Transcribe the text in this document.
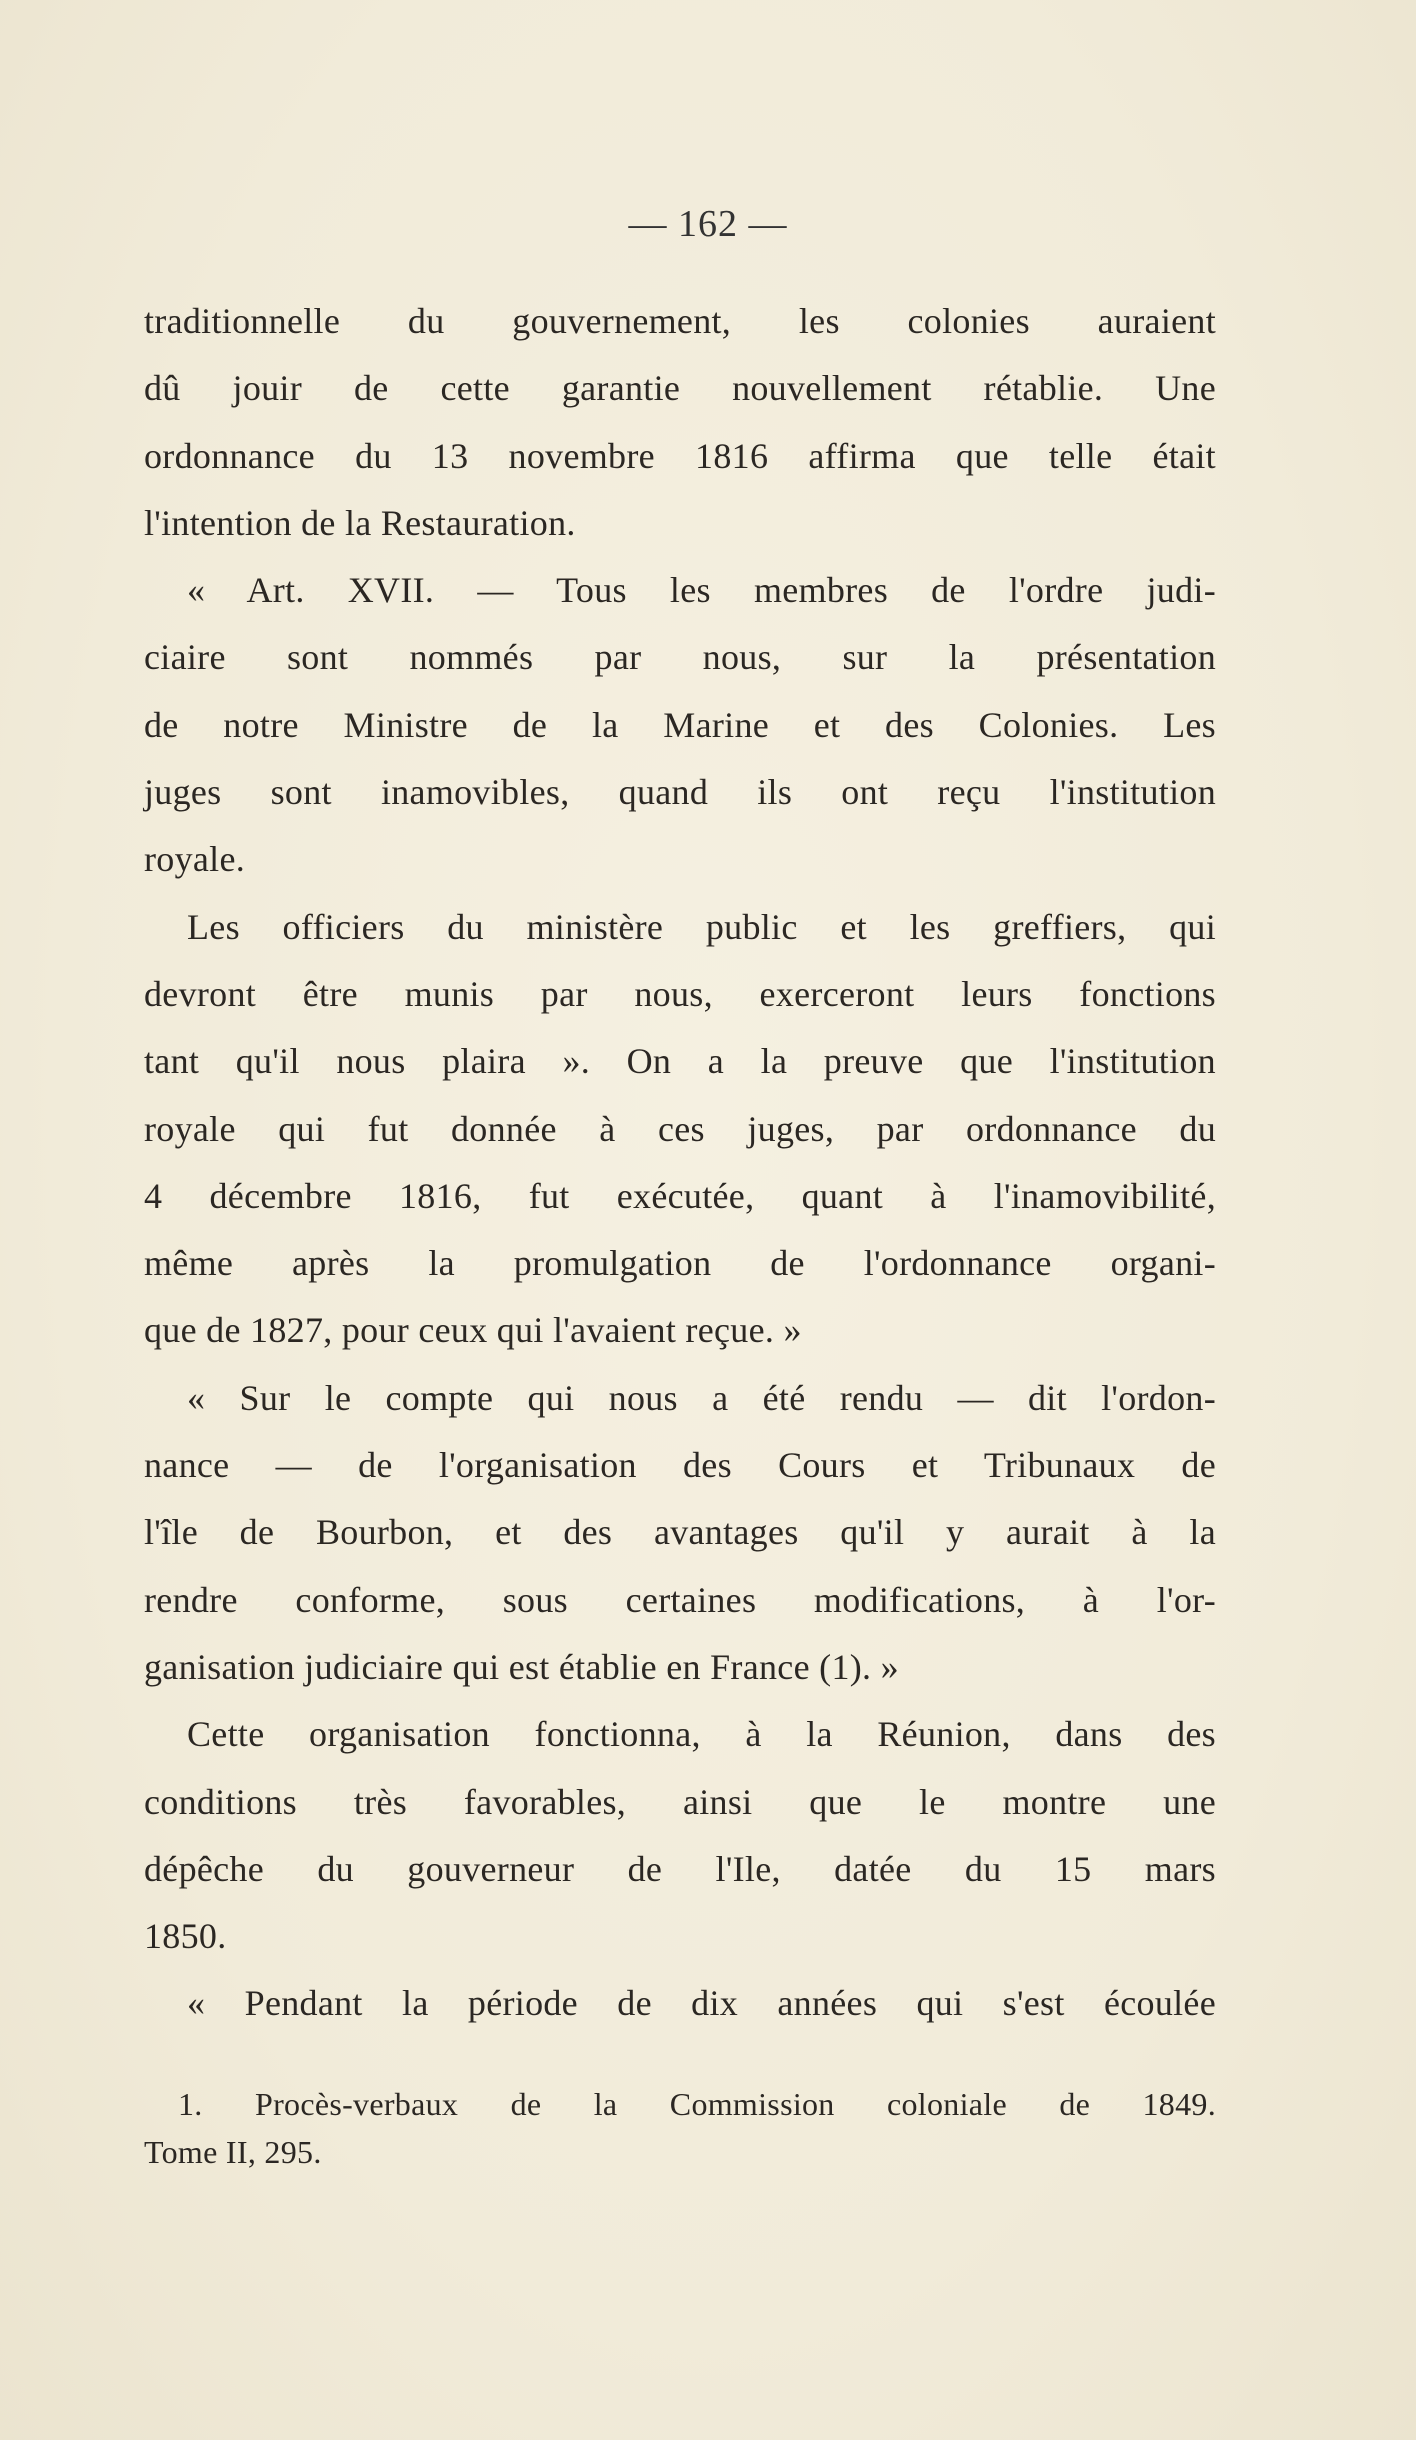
— 162 —
traditionnelle du gouvernement, les colonies auraient
dû jouir de cette garantie nouvellement rétablie. Une
ordonnance du 13 novembre 1816 affirma que telle était
l'intention de la Restauration.
« Art. XVII. — Tous les membres de l'ordre judi-
ciaire sont nommés par nous, sur la présentation
de notre Ministre de la Marine et des Colonies. Les
juges sont inamovibles, quand ils ont reçu l'institution
royale.
Les officiers du ministère public et les greffiers, qui
devront être munis par nous, exerceront leurs fonctions
tant qu'il nous plaira ». On a la preuve que l'institution
royale qui fut donnée à ces juges, par ordonnance du
4 décembre 1816, fut exécutée, quant à l'inamovibilité,
même après la promulgation de l'ordonnance organi-
que de 1827, pour ceux qui l'avaient reçue. »
« Sur le compte qui nous a été rendu — dit l'ordon-
nance — de l'organisation des Cours et Tribunaux de
l'île de Bourbon, et des avantages qu'il y aurait à la
rendre conforme, sous certaines modifications, à l'or-
ganisation judiciaire qui est établie en France (1). »
Cette organisation fonctionna, à la Réunion, dans des
conditions très favorables, ainsi que le montre une
dépêche du gouverneur de l'Ile, datée du 15 mars
1850.
« Pendant la période de dix années qui s'est écoulée
1. Procès-verbaux de la Commission coloniale de 1849.
Tome II, 295.
